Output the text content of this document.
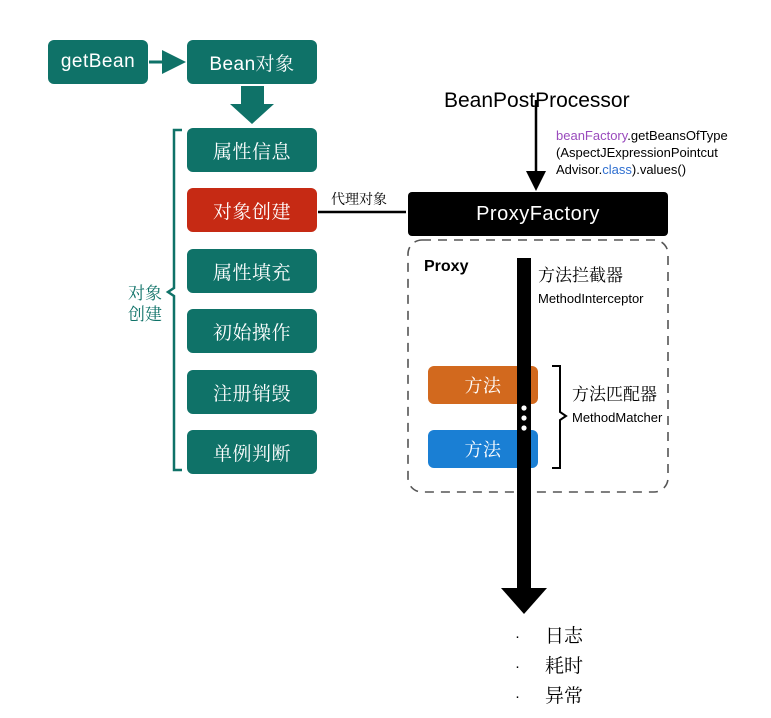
getBean	Bean对象
属性信息
对象创建
属性填充
初始操作
注册销毁
单例判断
ProxyFactory
方法
方法
BeanPostProcessor
beanFactory.getBeansOfType
(AspectJExpressionPointcut
Advisor.class).values()
Proxy
代理对象
对象
创建
方法拦截器
MethodInterceptor
方法匹配器
MethodMatcher
·	日志
·	耗时
·	异常
